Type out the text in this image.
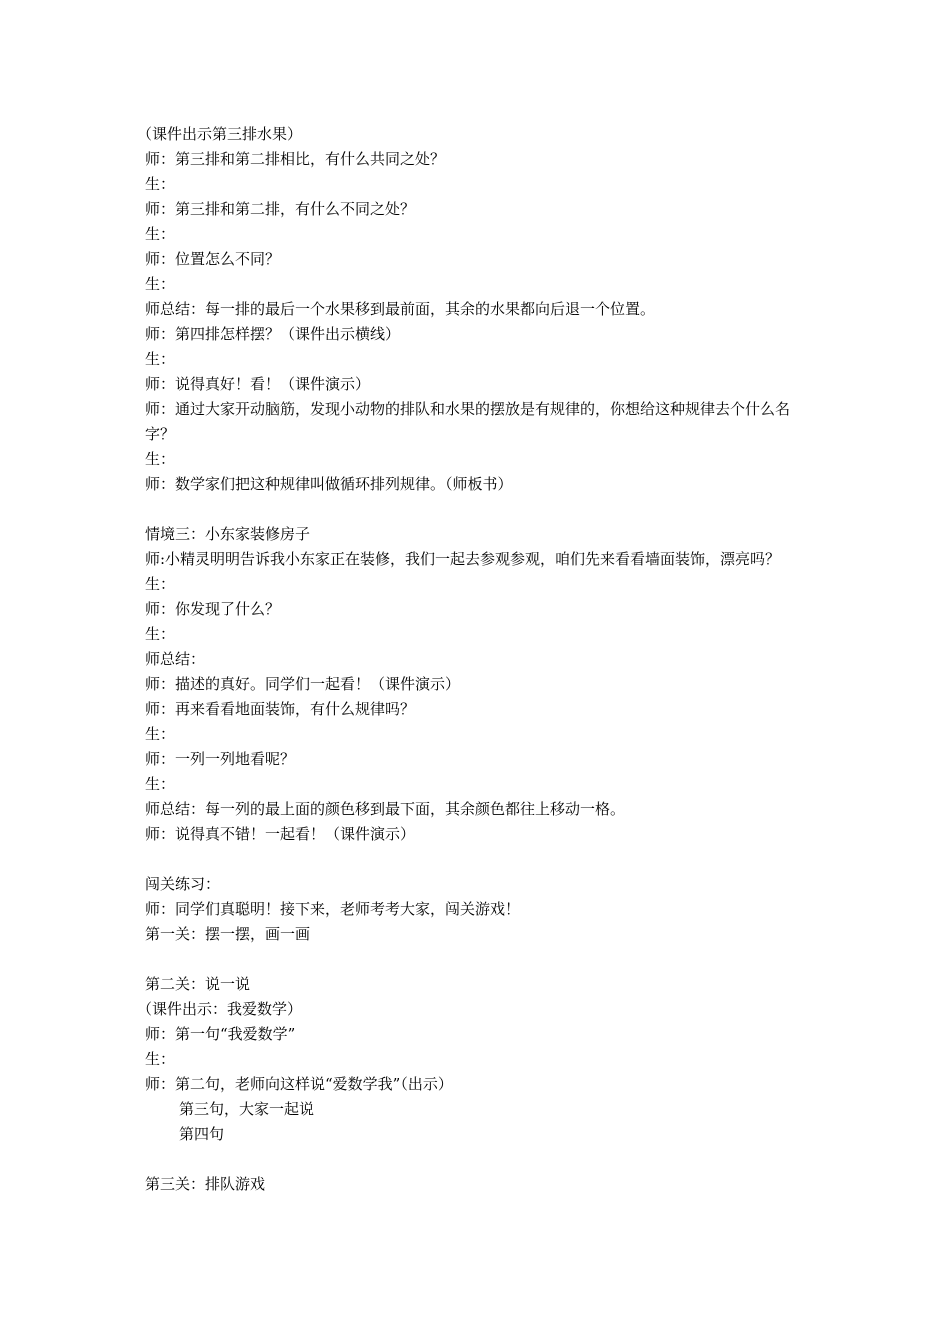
（课件出示第三排水果）
师：第三排和第二排相比，有什么共同之处？
生：
师：第三排和第二排，有什么不同之处？
生：
师：位置怎么不同？
生：
师总结：每一排的最后一个水果移到最前面，其余的水果都向后退一个位置。
师：第四排怎样摆？（课件出示横线）
生：
师：说得真好！看！（课件演示）
师：通过大家开动脑筋，发现小动物的排队和水果的摆放是有规律的，你想给这种规律去个什么名字？
生：
师：数学家们把这种规律叫做循环排列规律。（师板书）
情境三：小东家装修房子
师:小精灵明明告诉我小东家正在装修，我们一起去参观参观，咱们先来看看墙面装饰，漂亮吗？
生：
师：你发现了什么？
生：
师总结：
师：描述的真好。同学们一起看！（课件演示）
师：再来看看地面装饰，有什么规律吗？
生：
师：一列一列地看呢？
生：
师总结：每一列的最上面的颜色移到最下面，其余颜色都往上移动一格。
师：说得真不错！一起看！（课件演示）
闯关练习：
师：同学们真聪明！接下来，老师考考大家，闯关游戏！
第一关：摆一摆，画一画
第二关：说一说
（课件出示：我爱数学）
师：第一句“我爱数学”
生：
师：第二句，老师向这样说“爱数学我”（出示）
第三句，大家一起说
第四句
第三关：排队游戏
